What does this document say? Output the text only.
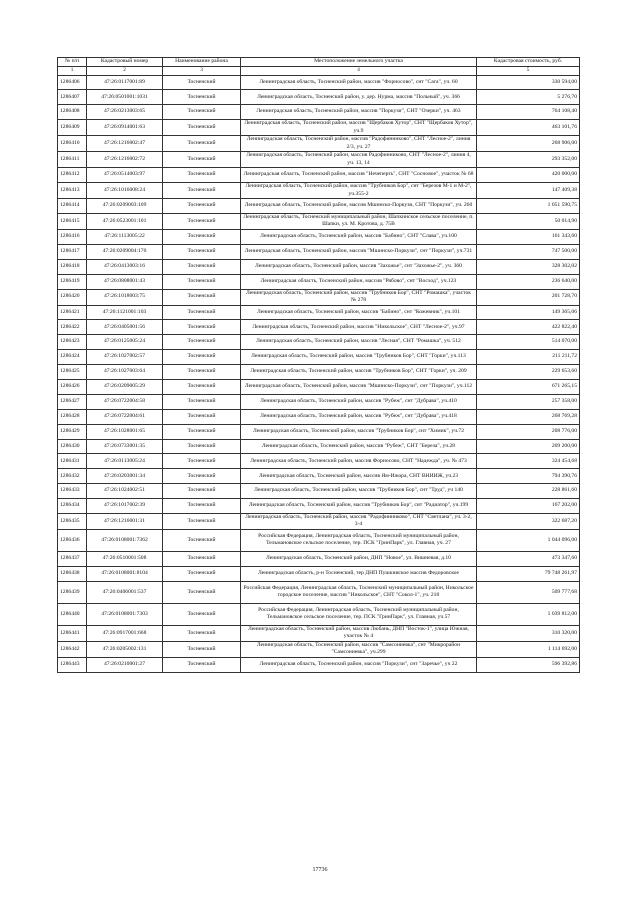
№ п/п	Кадастровый номер	Наименование района	Местоположение земельного участка	Кадастровая стоимость, руб.
1	2	3	4	5
1286406	47:26:0117001:89	Тосненский	Ленинградская область, Тосненский район, массив "Форносово", снт "Сага", уч. 60	330 594,00
1286407	47:26:0501001:1031	Тосненский	Ленинградская область, Тосненский район, у. дер. Нурма, массив "Польный", уч. 366	5 276,70
1286408	47:26:0213003:65	Тосненский	Ленинградская область, Тосненский район, массив "Поркузи", СНТ "Озерки", уч. 463	764 108,40
1286409	47:26:0914001:63	Тосненский	Ленинградская область, Тосненский район, массив "Щербаков Хутор", СНТ "Щербаков Хутор", уч.9	463 101,76
1286410	47:26:1216002:47	Тосненский	Ленинградская область, Тосненский район, массив "Радофинниково", СНТ "Лесное-2", линия 2/3, уч. 27	268 906,00
1286411	47:26:1216002:72	Тосненский	Ленинградская область, Тосненский район, массив Радофинниково, СНТ "Лесное-2", линия 4, уч. 13, 14	293 352,00
1286412	47:26:0514003:97	Тосненский	Ленинградская область, Тосненский район, массив "Нечеперть", СНТ "Сосновое", участок № 68	420 000,00
1286413	47:26:1016008:24	Тосненский	Ленинградская область, Тосненский район, массив "Трубников Бор", снт "Березов М-1 и М-2", уч.355-2	147 409,38
1286414	47:26:0209003:109	Тосненский	Ленинградская область, Тосненский район, массив Мшинско-Поркузи, СНТ "Поркузи", уч. 260	1 051 590,75
1286415	47:26:0523001:101	Тосненский	Ленинградская область, Тосненский муниципальный район, Шапкинское сельское поселение, п. Шапки, ул. М. Кротова, д. 75В	50 014,90
1286416	47:26:1113005:22	Тосненский	Ленинградская область, Тосненский район, массив "Бабино", СНТ "Слава", уч.100	161 343,60
1286417	47:26:0209004:170	Тосненский	Ленинградская область, Тосненский район, массив "Мшинско-Поркузи", снт "Поркузи", уч.731	747 500,00
1286418	47:26:0413003:16	Тосненский	Ленинградская область, Тосненский район, массив "Захожье", снт "Захожье-2", уч. 360	328 302,02
1286419	47:26:0808001:43	Тосненский	Ленинградская область, Тосненский район, массив "Рябово", снт "Восход", уч.123	236 640,00
1286420	47:26:1018003:75	Тосненский	Ленинградская область, Тосненский район, массив "Трубников Бор", СНТ "Ромашка", участок № 278	201 728,70
1286421	47:26:1121001:103	Тосненский	Ленинградская область, Тосненский район, массив "Бабино", снт "Кожевник", уч.101	149 365,06
1286422	47:26:0405001:56	Тосненский	Ленинградская область, Тосненский район, массив "Никольское", СНТ "Лесное-2", уч.97	422 822,40
1286423	47:26:0125005:24	Тосненский	Ленинградская область, Тосненский район, массив "Лесная", СНТ "Ромашка", уч. 512	514 070,00
1286424	47:26:1027002:57	Тосненский	Ленинградская область, Тосненский район, массив "Трубников Бор", СНТ "Горки", уч.113	211 211,72
1286425	47:26:1027003:64	Тосненский	Ленинградская область, Тосненский район, массив "Трубников Бор", СНТ "Горки", уч. 209	229 653,60
1286426	47:26:0209005:29	Тосненский	Ленинградская область, Тосненский район, массив "Мшинско-Поркузи", снт "Поркузи", уч.112	671 265,15
1286427	47:26:0722004:58	Тосненский	Ленинградская область, Тосненский район, массив "Рубеж", снт "Дубрава", уч.410	257 358,00
1286428	47:26:0722004:61	Тосненский	Ленинградская область, Тосненский район, массив "Рубеж", снт "Дубрава", уч.418	268 769,28
1286429	47:26:1028001:65	Тосненский	Ленинградская область, Тосненский район, массив "Трубников Бор", снт "Химик", уч.72	208 776,00
1286430	47:26:0733001:35	Тосненский	Ленинградская область, Тосненский район, массив "Рубеж", СНТ "Береза", уч.28	269 200,00
1286431	47:26:0113005:24	Тосненский	Ленинградская область, Тосненский район, массив Форносово, СНТ "Надежда", уч. № 473	324 454,68
1286432	47:26:0203001:34	Тосненский	Ленинградская область, Тосненский район, массив Ям-Ижора, СНТ ВНИИЖ, уч.23	794 390,76
1286433	47:26:1024002:51	Тосненский	Ленинградская область, Тосненский район, массив "Трубников Бор", снт "Труд", уч 140	228 861,60
1286434	47:26:1017002:39	Тосненский	Ленинградская область, Тосненский район, массив "Трубников Бор", снт "Радиатор", уч.199	167 202,00
1286435	47:26:1216001:31	Тосненский	Ленинградская область, Тосненский район, массив "Радофинниково", СНТ "Светлана", уч. 3-2, 3-4	322 687,20
1286436	47:26:0108001:7362	Тосненский	Российская Федерация, Ленинградская область, Тосненский муниципальный район, Тельмановское сельское поселение, тер. ПСК "ГринПарк", ул. Главная, уч. 27	1 044 096,00
1286437	47:26:0510001:508	Тосненский	Ленинградская область, Тосненский район, ДНП "Новое", ул. Вишневая, д.10	473 347,60
1286438	47:26:0108001:8104	Тосненский	Ленинградская область, р-н Тосненский, тер ДНП Пушкинское массив Федоровское	79 748 261,97
1286439	47:26:0406001:537	Тосненский	Российская Федерация, Ленинградская область, Тосненский муниципальный район, Никольское городское поселение, массив "Никольское", СНТ "Сокол-1", уч. 218	509 777,68
1286440	47:26:0108001:7303	Тосненский	Российская Федерация, Ленинградская область, Тосненский муниципальный район, Тельмановское сельское поселение, тер. ПСК "ГринПарк", ул. Главная, уч.57	1 039 812,00
1286441	47:26:0917001:668	Тосненский	Ленинградская область, Тосненский район, массив Любань, ДНП "Восток-1", улица Южная, участок № 4	310 320,00
1286442	47:26:0205002:131	Тосненский	Ленинградская область, Тосненский район, массив "Самсониевка", снт "Микрорайон "Самсониевка", уч.299	1 114 692,00
1286443	47:26:0210001:27	Тосненский	Ленинградская область, Тосненский район, массив "Поркузи", снт "Заречье", уч 22	596 392,86
17736
